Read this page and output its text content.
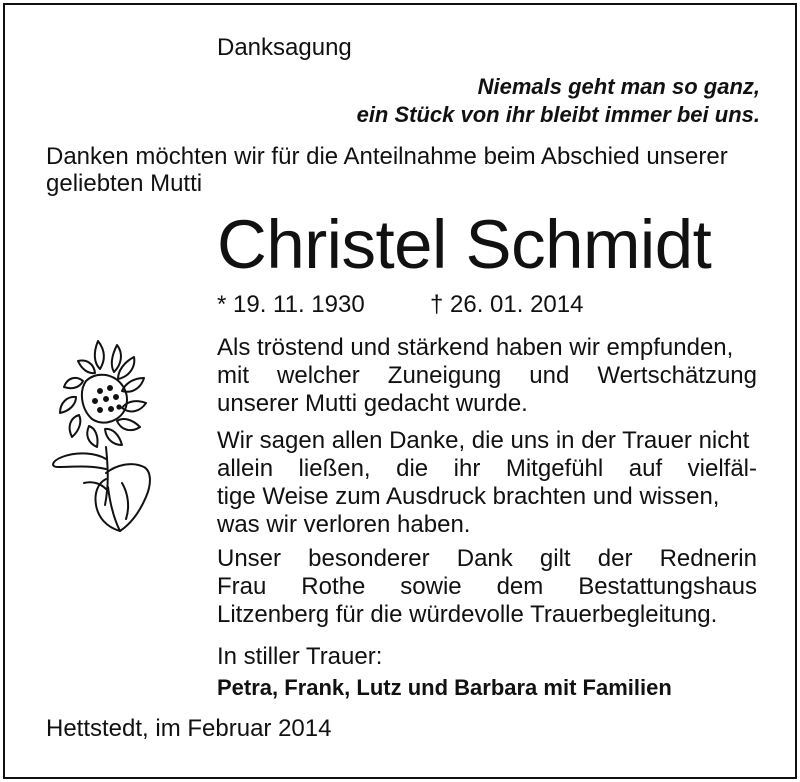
Danksagung
Niemals geht man so ganz,
ein Stück von ihr bleibt immer bei uns.
Danken möchten wir für die Anteilnahme beim Abschied unserer
geliebten Mutti
Christel Schmidt
* 19. 11. 1930	† 26. 01. 2014
Als tröstend und stärkend haben wir empfunden,
mit welcher Zuneigung und Wertschätzung
unserer Mutti gedacht wurde.
Wir sagen allen Danke, die uns in der Trauer nicht
allein ließen, die ihr Mitgefühl auf vielfäl-
tige Weise zum Ausdruck brachten und wissen,
was wir verloren haben.
Unser besonderer Dank gilt der Rednerin
Frau Rothe sowie dem Bestattungshaus
Litzenberg für die würdevolle Trauerbegleitung.
In stiller Trauer:
Petra, Frank, Lutz und Barbara mit Familien
Hettstedt, im Februar 2014
